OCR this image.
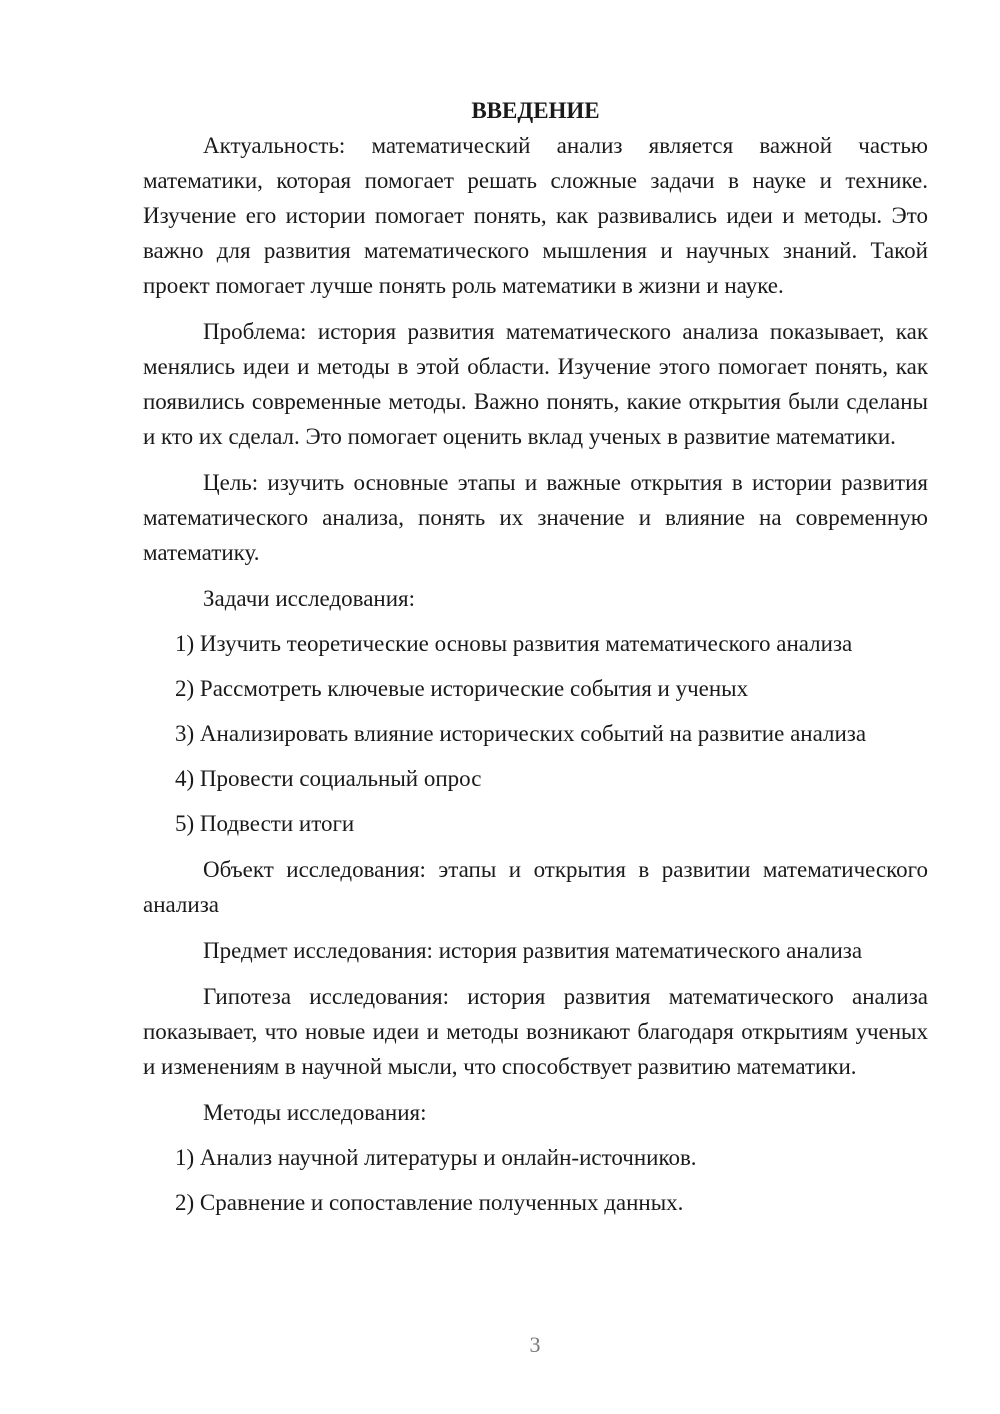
ВВЕДЕНИЕ

Актуальность: математический анализ является важной частью математики, которая помогает решать сложные задачи в науке и технике. Изучение его истории помогает понять, как развивались идеи и методы. Это важно для развития математического мышления и научных знаний. Такой проект помогает лучше понять роль математики в жизни и науке.

Проблема: история развития математического анализа показывает, как менялись идеи и методы в этой области. Изучение этого помогает понять, как появились современные методы. Важно понять, какие открытия были сделаны и кто их сделал. Это помогает оценить вклад ученых в развитие математики.

Цель: изучить основные этапы и важные открытия в истории развития математического анализа, понять их значение и влияние на современную математику.

Задачи исследования:

1) Изучить теоретические основы развития математического анализа
2) Рассмотреть ключевые исторические события и ученых
3) Анализировать влияние исторических событий на развитие анализа
4) Провести социальный опрос
5) Подвести итоги

Объект исследования: этапы и открытия в развитии математического анализа

Предмет исследования: история развития математического анализа

Гипотеза исследования: история развития математического анализа показывает, что новые идеи и методы возникают благодаря открытиям ученых и изменениям в научной мысли, что способствует развитию математики.

Методы исследования:

1) Анализ научной литературы и онлайн-источников.
2) Сравнение и сопоставление полученных данных.
3
